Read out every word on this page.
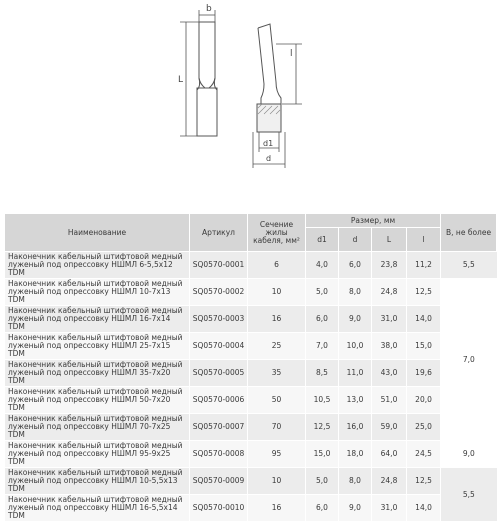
b
L
l
d1
d
Наименование	Артикул	Сечение жилы кабеля, мм²	Размер, мм				B, не более
			d1	d	L	l	
Наконечник кабельный штифтовой медный луженый под опрессовку НШМЛ 6-5,5х12 TDM	SQ0570-0001	6	4,0	6,0	23,8	11,2	5,5
Наконечник кабельный штифтовой медный луженый под опрессовку НШМЛ 10-7х13 TDM	SQ0570-0002	10	5,0	8,0	24,8	12,5	7,0
Наконечник кабельный штифтовой медный луженый под опрессовку НШМЛ 16-7х14 TDM	SQ0570-0003	16	6,0	9,0	31,0	14,0	
Наконечник кабельный штифтовой медный луженый под опрессовку НШМЛ 25-7х15 TDM	SQ0570-0004	25	7,0	10,0	38,0	15,0	
Наконечник кабельный штифтовой медный луженый под опрессовку НШМЛ 35-7х20 TDM	SQ0570-0005	35	8,5	11,0	43,0	19,6	
Наконечник кабельный штифтовой медный луженый под опрессовку НШМЛ 50-7х20 TDM	SQ0570-0006	50	10,5	13,0	51,0	20,0	
Наконечник кабельный штифтовой медный луженый под опрессовку НШМЛ 70-7х25 TDM	SQ0570-0007	70	12,5	16,0	59,0	25,0	
Наконечник кабельный штифтовой медный луженый под опрессовку НШМЛ 95-9х25 TDM	SQ0570-0008	95	15,0	18,0	64,0	24,5	9,0
Наконечник кабельный штифтовой медный луженый под опрессовку НШМЛ 10-5,5х13 TDM	SQ0570-0009	10	5,0	8,0	24,8	12,5	5,5
Наконечник кабельный штифтовой медный луженый под опрессовку НШМЛ 16-5,5х14 TDM	SQ0570-0010	16	6,0	9,0	31,0	14,0	
